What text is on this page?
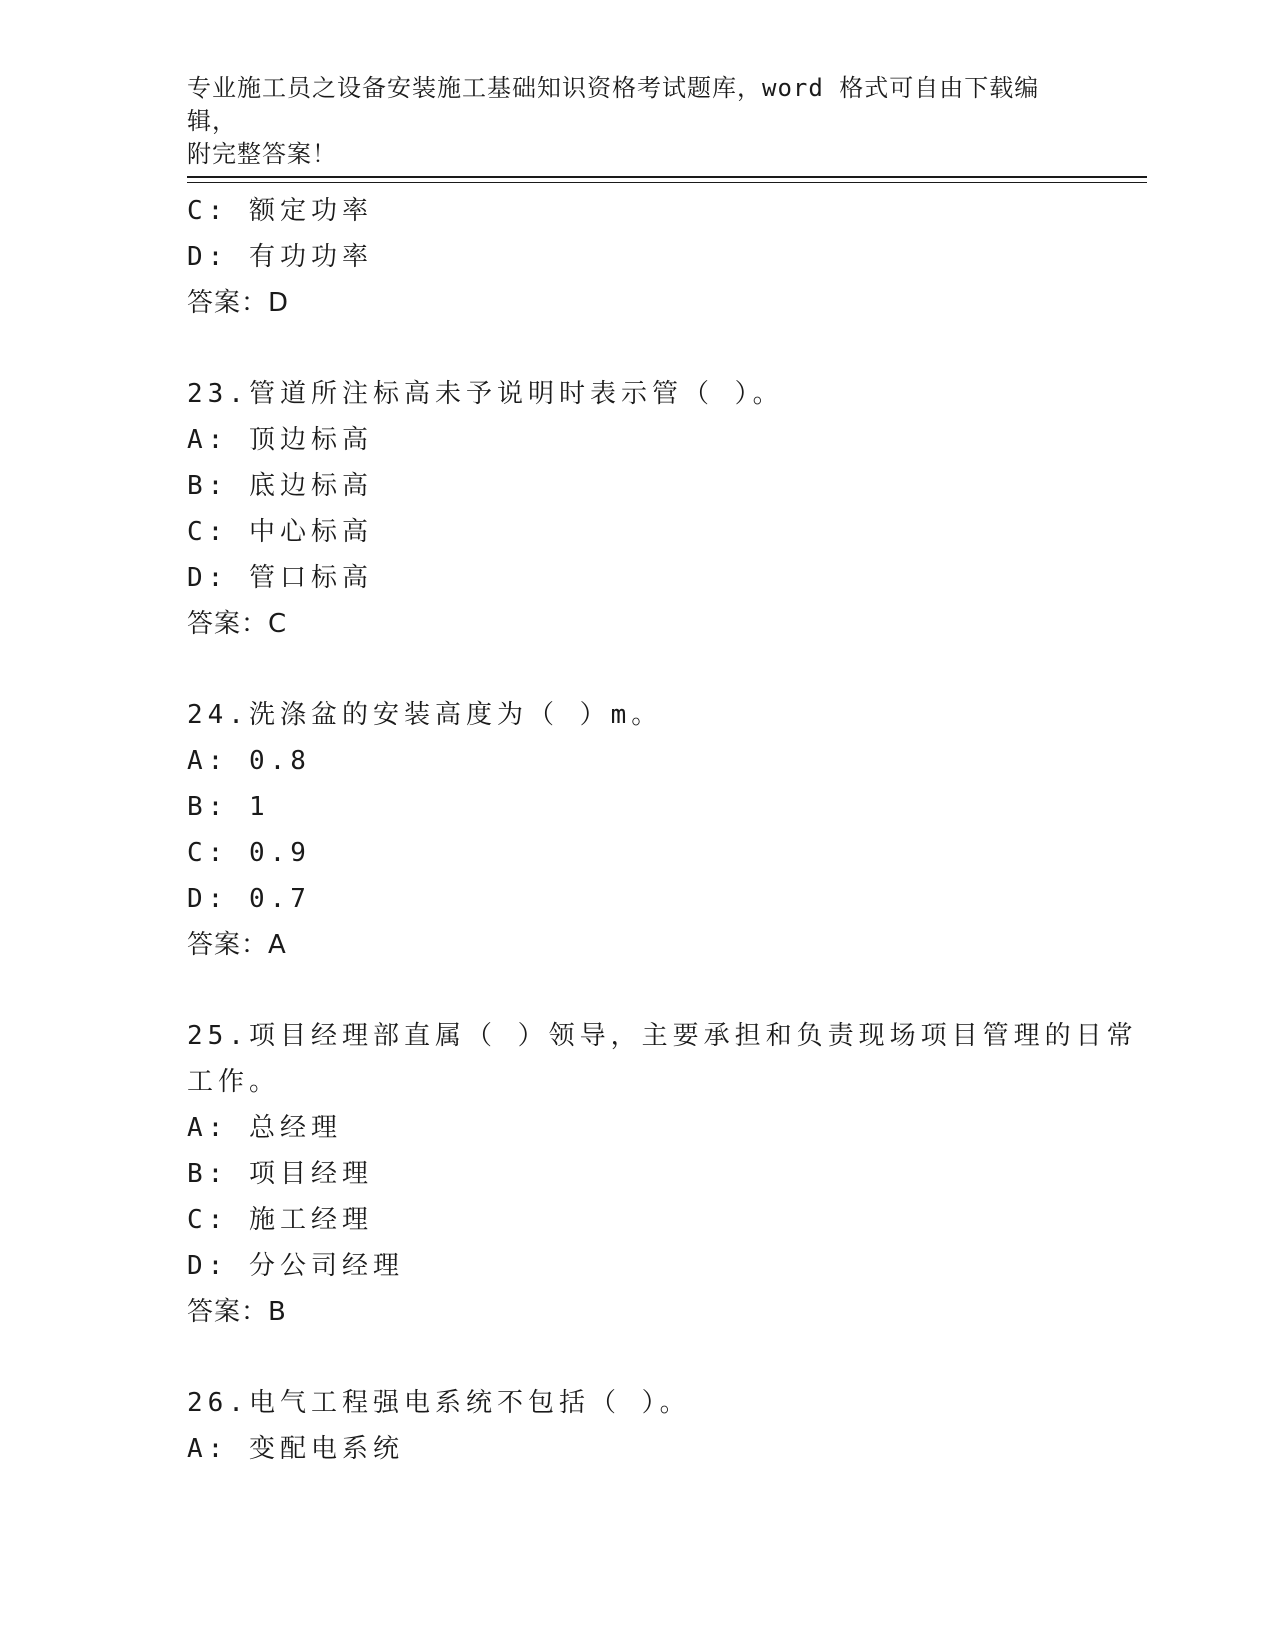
专业施工员之设备安装施工基础知识资格考试题库，word 格式可自由下载编辑，
附完整答案！
C: 额定功率
D: 有功功率
答案：D
23.管道所注标高未予说明时表示管（ ）。
A: 顶边标高
B: 底边标高
C: 中心标高
D: 管口标高
答案：C
24.洗涤盆的安装高度为（ ）m。
A: 0.8
B: 1
C: 0.9
D: 0.7
答案：A
25.项目经理部直属（ ）领导，主要承担和负责现场项目管理的日常
工作。
A: 总经理
B: 项目经理
C: 施工经理
D: 分公司经理
答案：B
26.电气工程强电系统不包括（ ）。
A: 变配电系统
